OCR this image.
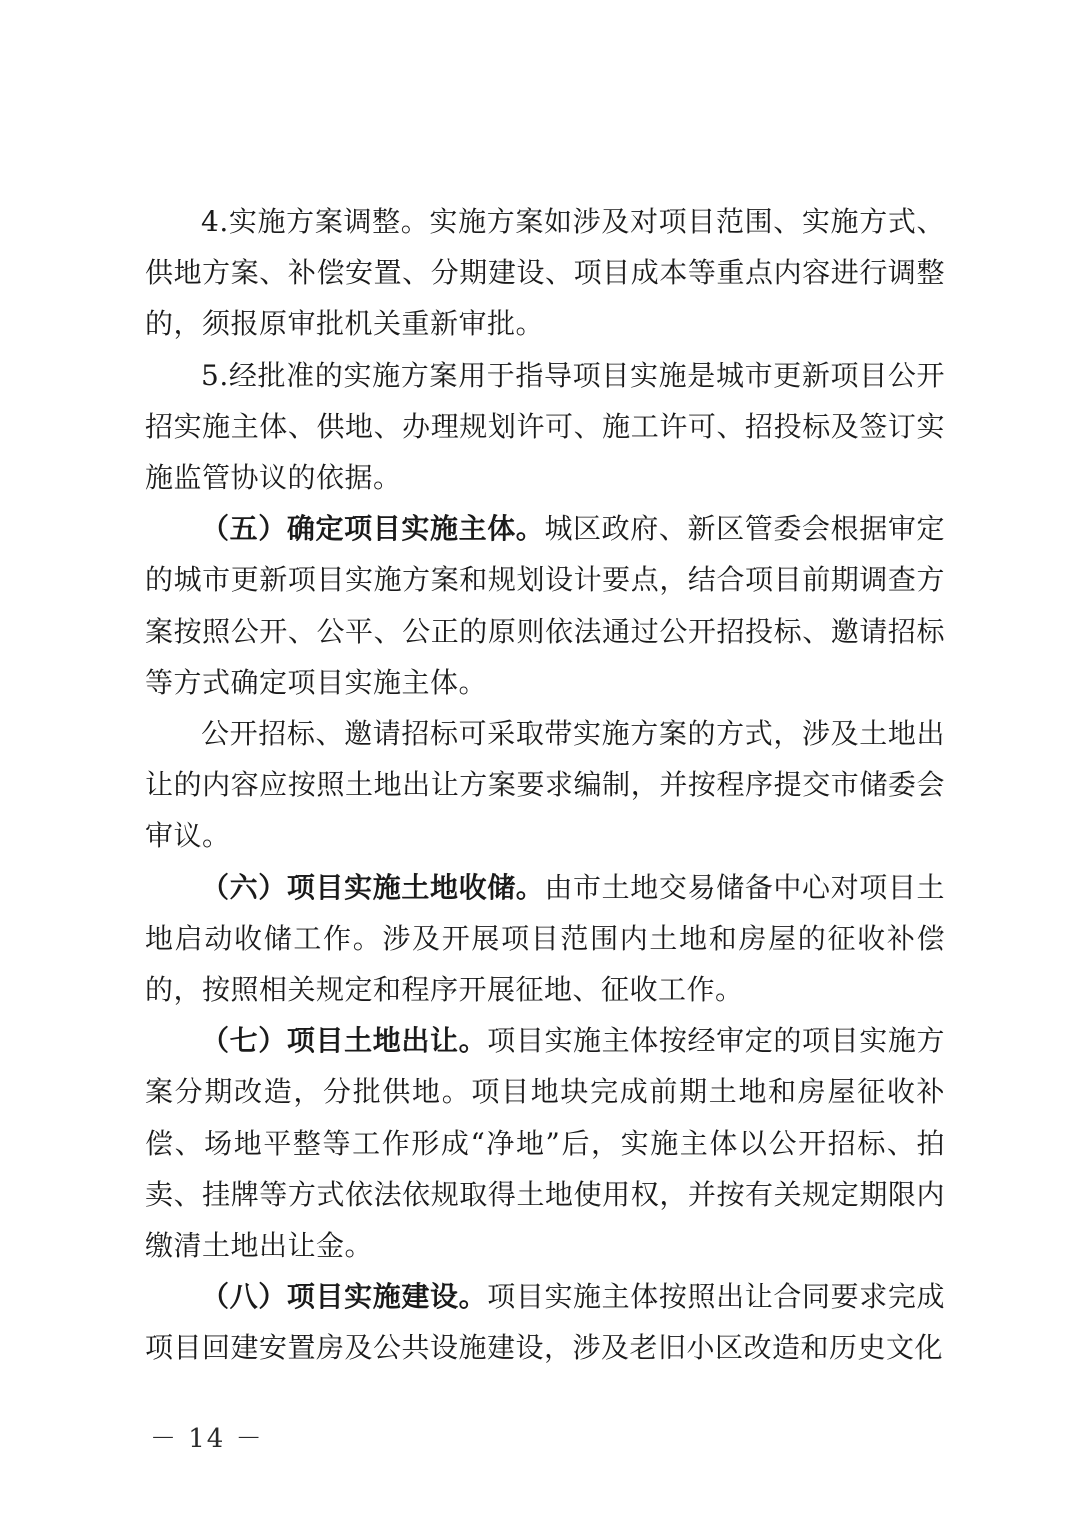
4.实施方案调整。实施方案如涉及对项目范围、实施方式、供地方案、补偿安置、分期建设、项目成本等重点内容进行调整的，须报原审批机关重新审批。

5.经批准的实施方案用于指导项目实施是城市更新项目公开招实施主体、供地、办理规划许可、施工许可、招投标及签订实施监管协议的依据。

（五）确定项目实施主体。城区政府、新区管委会根据审定的城市更新项目实施方案和规划设计要点，结合项目前期调查方案按照公开、公平、公正的原则依法通过公开招投标、邀请招标等方式确定项目实施主体。

公开招标、邀请招标可采取带实施方案的方式，涉及土地出让的内容应按照土地出让方案要求编制，并按程序提交市储委会审议。

（六）项目实施土地收储。由市土地交易储备中心对项目土地启动收储工作。涉及开展项目范围内土地和房屋的征收补偿的，按照相关规定和程序开展征地、征收工作。

（七）项目土地出让。项目实施主体按经审定的项目实施方案分期改造，分批供地。项目地块完成前期土地和房屋征收补偿、场地平整等工作形成“净地”后，实施主体以公开招标、拍卖、挂牌等方式依法依规取得土地使用权，并按有关规定期限内缴清土地出让金。

（八）项目实施建设。项目实施主体按照出让合同要求完成项目回建安置房及公共设施建设，涉及老旧小区改造和历史文化

－ 14 －
